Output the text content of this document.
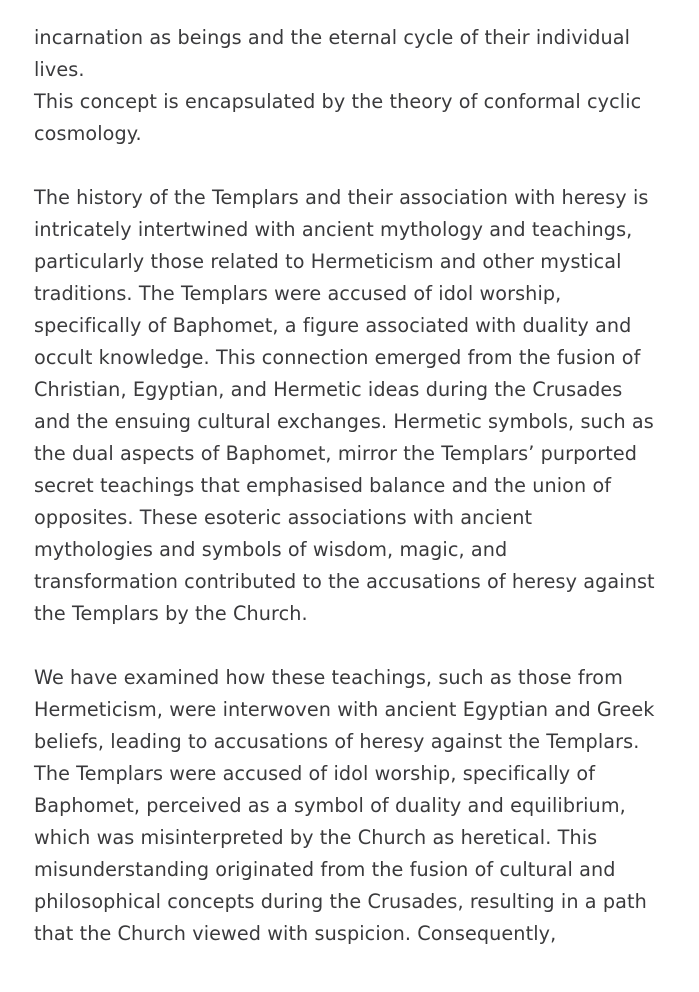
incarnation as beings and the eternal cycle of their individual
lives.
This concept is encapsulated by the theory of conformal cyclic
cosmology.
The history of the Templars and their association with heresy is
intricately intertwined with ancient mythology and teachings,
particularly those related to Hermeticism and other mystical
traditions. The Templars were accused of idol worship,
specifically of Baphomet, a figure associated with duality and
occult knowledge. This connection emerged from the fusion of
Christian, Egyptian, and Hermetic ideas during the Crusades
and the ensuing cultural exchanges. Hermetic symbols, such as
the dual aspects of Baphomet, mirror the Templars’ purported
secret teachings that emphasised balance and the union of
opposites. These esoteric associations with ancient
mythologies and symbols of wisdom, magic, and
transformation contributed to the accusations of heresy against
the Templars by the Church.
We have examined how these teachings, such as those from
Hermeticism, were interwoven with ancient Egyptian and Greek
beliefs, leading to accusations of heresy against the Templars.
The Templars were accused of idol worship, specifically of
Baphomet, perceived as a symbol of duality and equilibrium,
which was misinterpreted by the Church as heretical. This
misunderstanding originated from the fusion of cultural and
philosophical concepts during the Crusades, resulting in a path
that the Church viewed with suspicion. Consequently,
